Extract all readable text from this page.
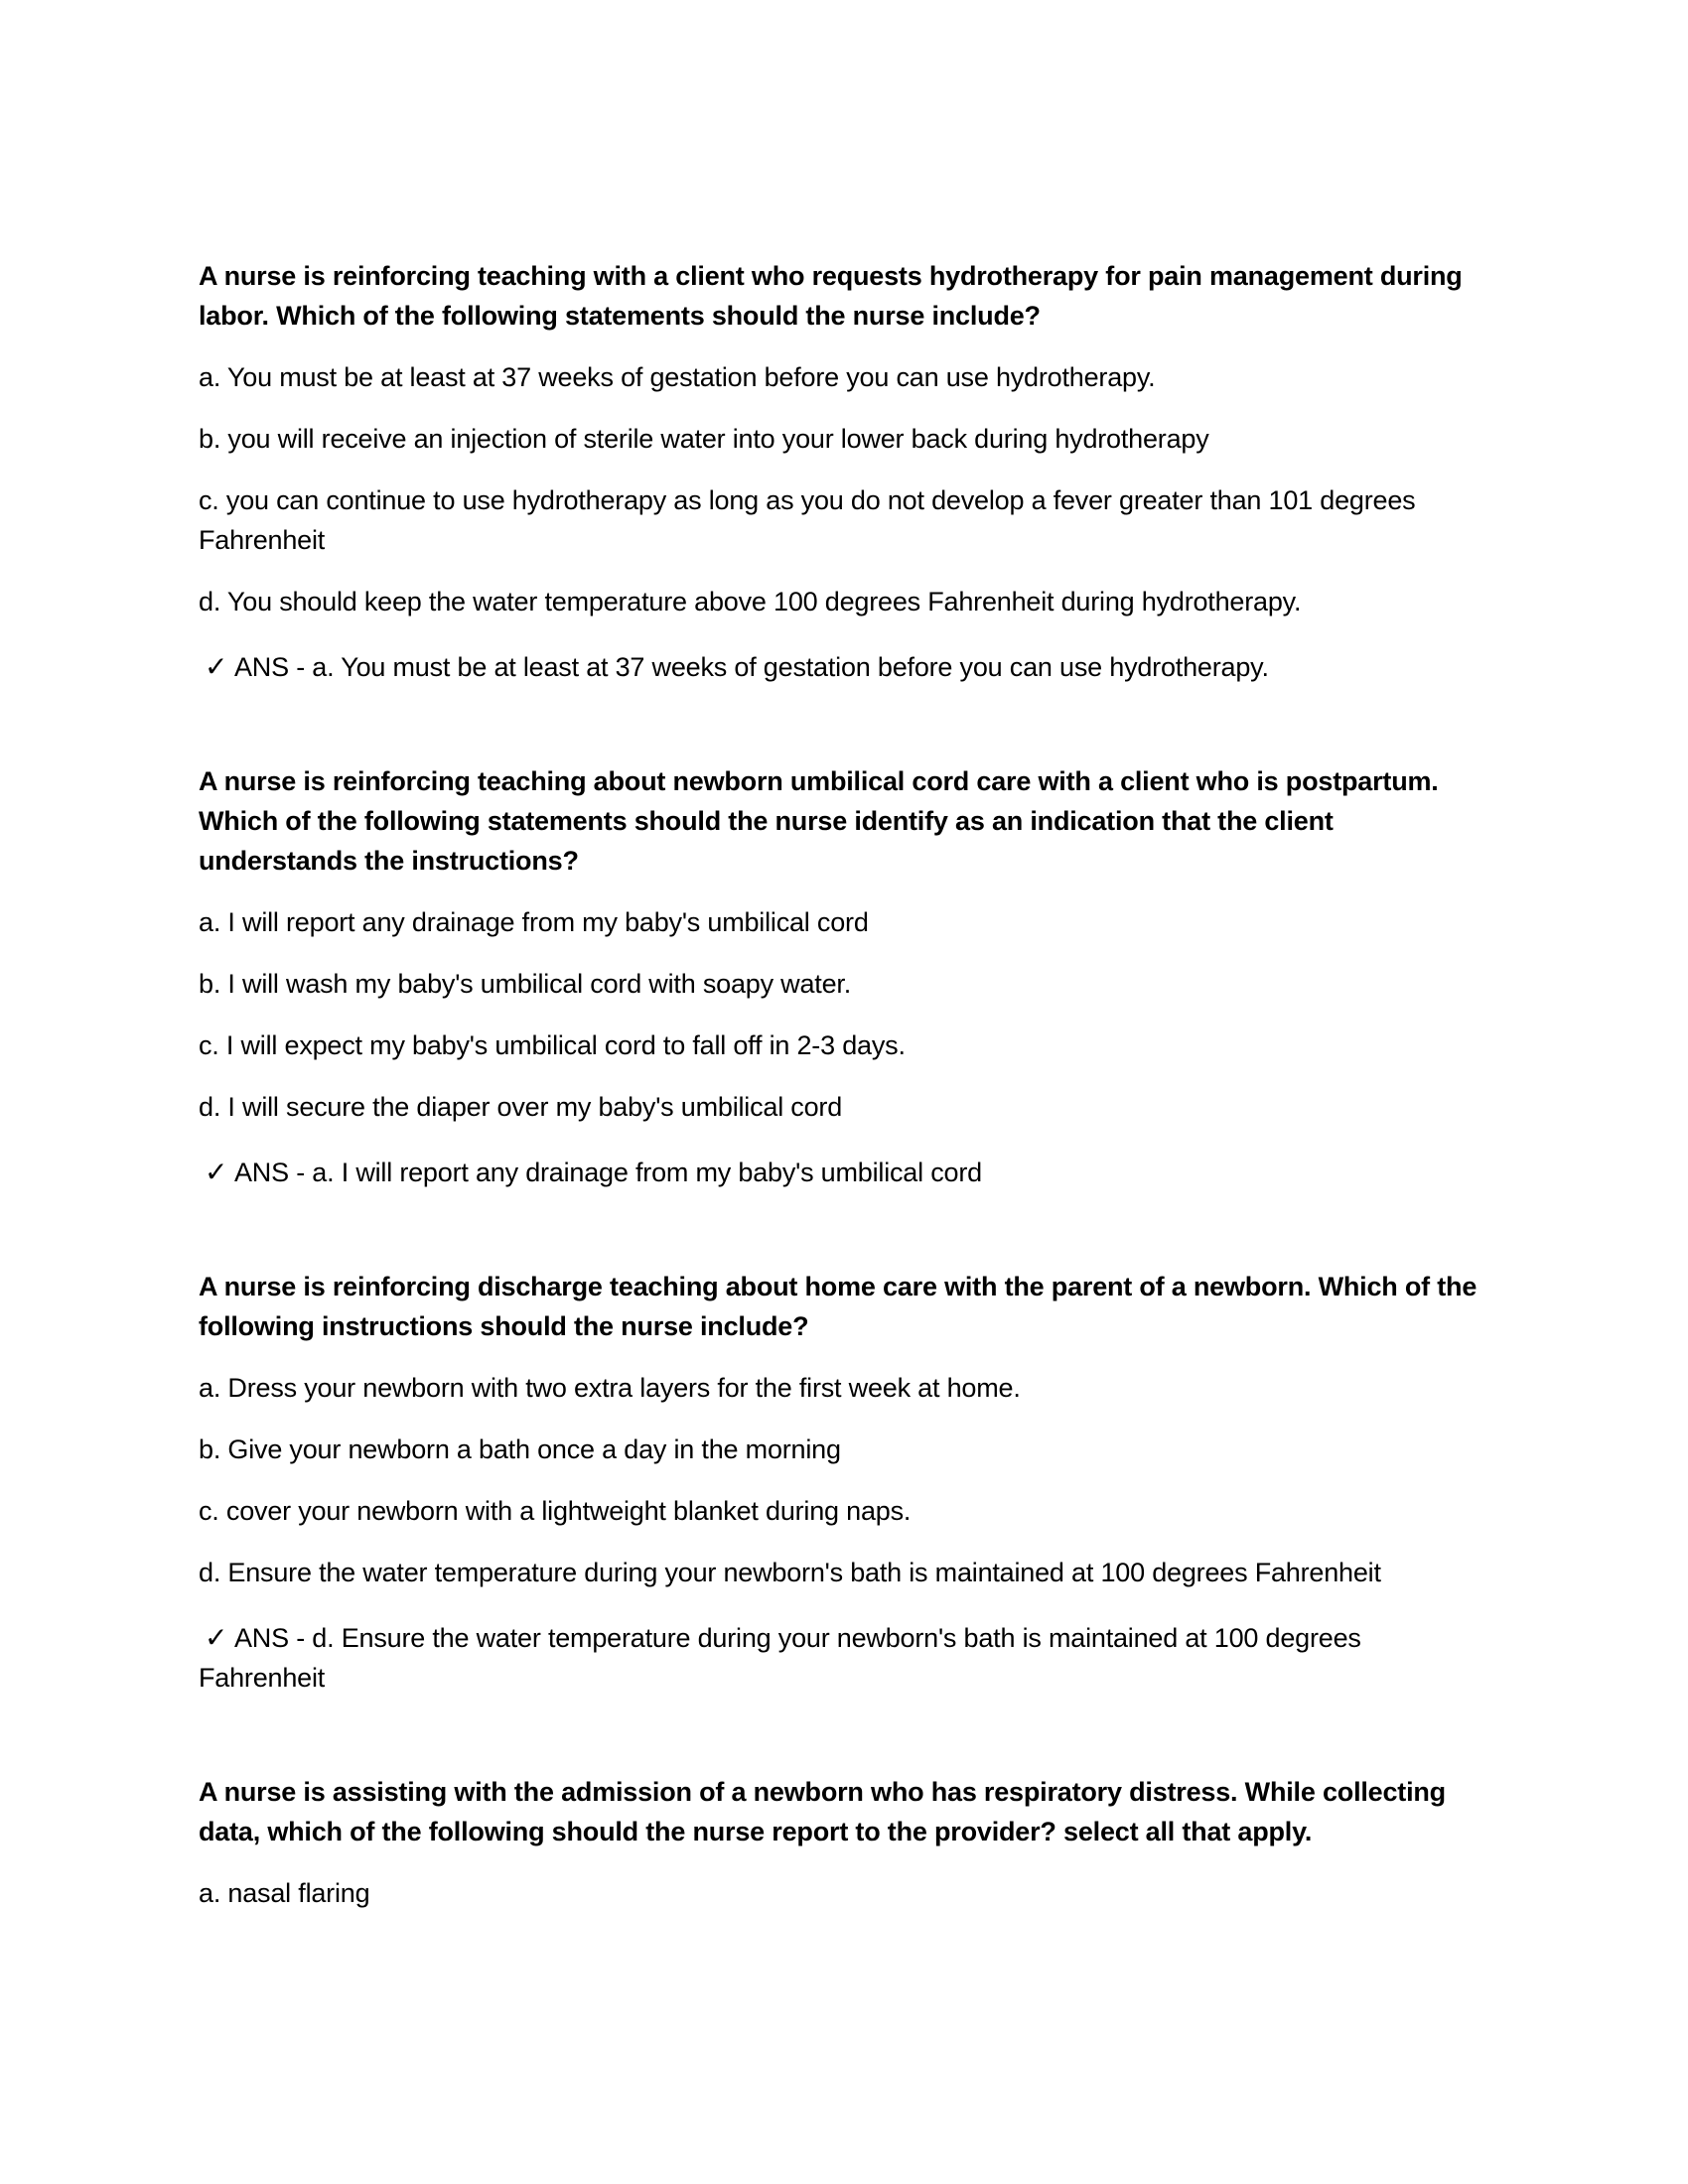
A nurse is reinforcing teaching with a client who requests hydrotherapy for pain management during labor. Which of the following statements should the nurse include?
a. You must be at least at 37 weeks of gestation before you can use hydrotherapy.
b. you will receive an injection of sterile water into your lower back during hydrotherapy
c. you can continue to use hydrotherapy as long as you do not develop a fever greater than 101 degrees Fahrenheit
d. You should keep the water temperature above 100 degrees Fahrenheit during hydrotherapy.
✓ ANS - a. You must be at least at 37 weeks of gestation before you can use hydrotherapy.
A nurse is reinforcing teaching about newborn umbilical cord care with a client who is postpartum. Which of the following statements should the nurse identify as an indication that the client understands the instructions?
a. I will report any drainage from my baby's umbilical cord
b. I will wash my baby's umbilical cord with soapy water.
c. I will expect my baby's umbilical cord to fall off in 2-3 days.
d. I will secure the diaper over my baby's umbilical cord
✓ ANS - a. I will report any drainage from my baby's umbilical cord
A nurse is reinforcing discharge teaching about home care with the parent of a newborn. Which of the following instructions should the nurse include?
a. Dress your newborn with two extra layers for the first week at home.
b. Give your newborn a bath once a day in the morning
c. cover your newborn with a lightweight blanket during naps.
d. Ensure the water temperature during your newborn's bath is maintained at 100 degrees Fahrenheit
✓ ANS - d. Ensure the water temperature during your newborn's bath is maintained at 100 degrees Fahrenheit
A nurse is assisting with the admission of a newborn who has respiratory distress. While collecting data, which of the following should the nurse report to the provider? select all that apply.
a. nasal flaring
